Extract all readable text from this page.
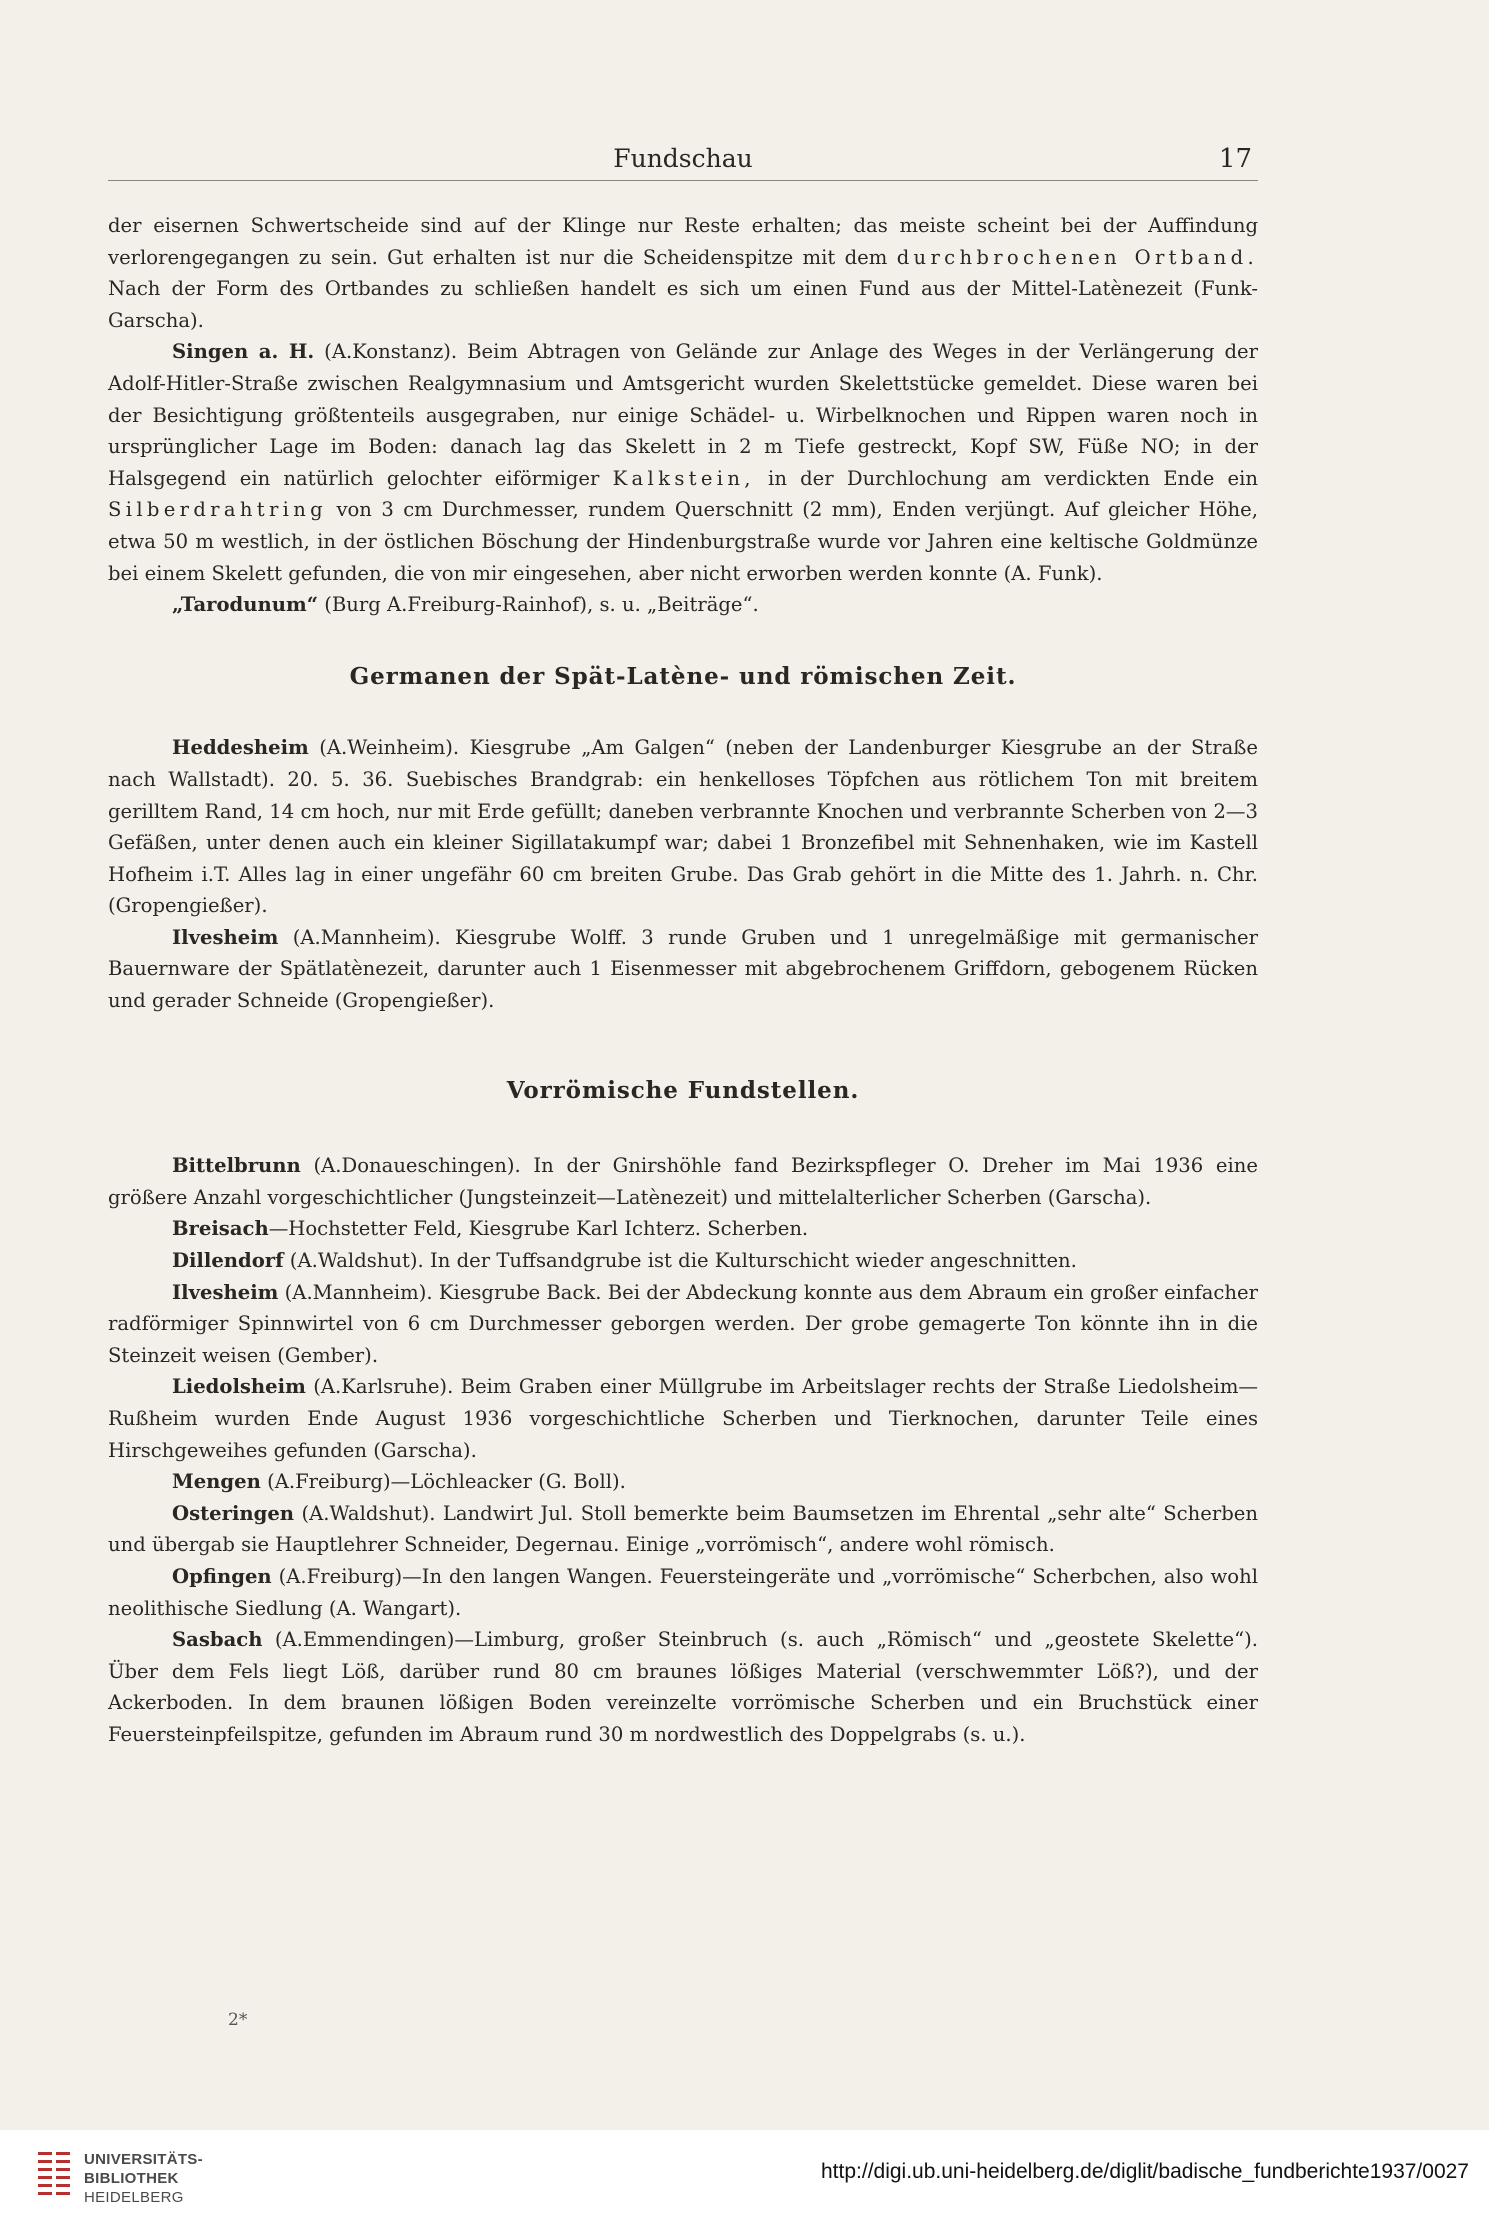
Fundschau	17

der eisernen Schwertscheide sind auf der Klinge nur Reste erhalten; das meiste scheint bei der Auffindung verlorengegangen zu sein. Gut erhalten ist nur die Scheidenspitze mit dem durchbrochenen Ortband. Nach der Form des Ortbandes zu schließen handelt es sich um einen Fund aus der Mittel-Latènezeit (Funk-Garscha).

Singen a. H. (A.Konstanz). Beim Abtragen von Gelände zur Anlage des Weges in der Verlängerung der Adolf-Hitler-Straße zwischen Realgymnasium und Amtsgericht wurden Skelettstücke gemeldet. Diese waren bei der Besichtigung größtenteils ausgegraben, nur einige Schädel- u. Wirbelknochen und Rippen waren noch in ursprünglicher Lage im Boden: danach lag das Skelett in 2 m Tiefe gestreckt, Kopf SW, Füße NO; in der Halsgegend ein natürlich gelochter eiförmiger Kalkstein, in der Durchlochung am verdickten Ende ein Silberdrahtring von 3 cm Durchmesser, rundem Querschnitt (2 mm), Enden verjüngt. Auf gleicher Höhe, etwa 50 m westlich, in der östlichen Böschung der Hindenburgstraße wurde vor Jahren eine keltische Goldmünze bei einem Skelett gefunden, die von mir eingesehen, aber nicht erworben werden konnte (A. Funk).

„Tarodunum“ (Burg A.Freiburg-Rainhof), s. u. „Beiträge“.

Germanen der Spät-Latène- und römischen Zeit.

Heddesheim (A.Weinheim). Kiesgrube „Am Galgen“ (neben der Landenburger Kiesgrube an der Straße nach Wallstadt). 20. 5. 36. Suebisches Brandgrab: ein henkelloses Töpfchen aus rötlichem Ton mit breitem gerilltem Rand, 14 cm hoch, nur mit Erde gefüllt; daneben verbrannte Knochen und verbrannte Scherben von 2—3 Gefäßen, unter denen auch ein kleiner Sigillatakumpf war; dabei 1 Bronzefibel mit Sehnenhaken, wie im Kastell Hofheim i.T. Alles lag in einer ungefähr 60 cm breiten Grube. Das Grab gehört in die Mitte des 1. Jahrh. n. Chr. (Gropengießer).

Ilvesheim (A.Mannheim). Kiesgrube Wolff. 3 runde Gruben und 1 unregelmäßige mit germanischer Bauernware der Spätlatènezeit, darunter auch 1 Eisenmesser mit abgebrochenem Griffdorn, gebogenem Rücken und gerader Schneide (Gropengießer).

Vorrömische Fundstellen.

Bittelbrunn (A.Donaueschingen). In der Gnirshöhle fand Bezirkspfleger O. Dreher im Mai 1936 eine größere Anzahl vorgeschichtlicher (Jungsteinzeit—Latènezeit) und mittelalterlicher Scherben (Garscha).

Breisach—Hochstetter Feld, Kiesgrube Karl Ichterz. Scherben.

Dillendorf (A.Waldshut). In der Tuffsandgrube ist die Kulturschicht wieder angeschnitten.

Ilvesheim (A.Mannheim). Kiesgrube Back. Bei der Abdeckung konnte aus dem Abraum ein großer einfacher radförmiger Spinnwirtel von 6 cm Durchmesser geborgen werden. Der grobe gemagerte Ton könnte ihn in die Steinzeit weisen (Gember).

Liedolsheim (A.Karlsruhe). Beim Graben einer Müllgrube im Arbeitslager rechts der Straße Liedolsheim—Rußheim wurden Ende August 1936 vorgeschichtliche Scherben und Tierknochen, darunter Teile eines Hirschgeweihes gefunden (Garscha).

Mengen (A.Freiburg)—Löchleacker (G. Boll).

Osteringen (A.Waldshut). Landwirt Jul. Stoll bemerkte beim Baumsetzen im Ehrental „sehr alte“ Scherben und übergab sie Hauptlehrer Schneider, Degernau. Einige „vorrömisch“, andere wohl römisch.

Opfingen (A.Freiburg)—In den langen Wangen. Feuersteingeräte und „vorrömische“ Scherbchen, also wohl neolithische Siedlung (A. Wangart).

Sasbach (A.Emmendingen)—Limburg, großer Steinbruch (s. auch „Römisch“ und „geostete Skelette“). Über dem Fels liegt Löß, darüber rund 80 cm braunes lößiges Material (verschwemmter Löß?), und der Ackerboden. In dem braunen lößigen Boden vereinzelte vorrömische Scherben und ein Bruchstück einer Feuersteinpfeilspitze, gefunden im Abraum rund 30 m nordwestlich des Doppelgrabs (s. u.).

2*
UNIVERSITÄTS-
BIBLIOTHEK
HEIDELBERG
http://digi.ub.uni-heidelberg.de/diglit/badische_fundberichte1937/0027
